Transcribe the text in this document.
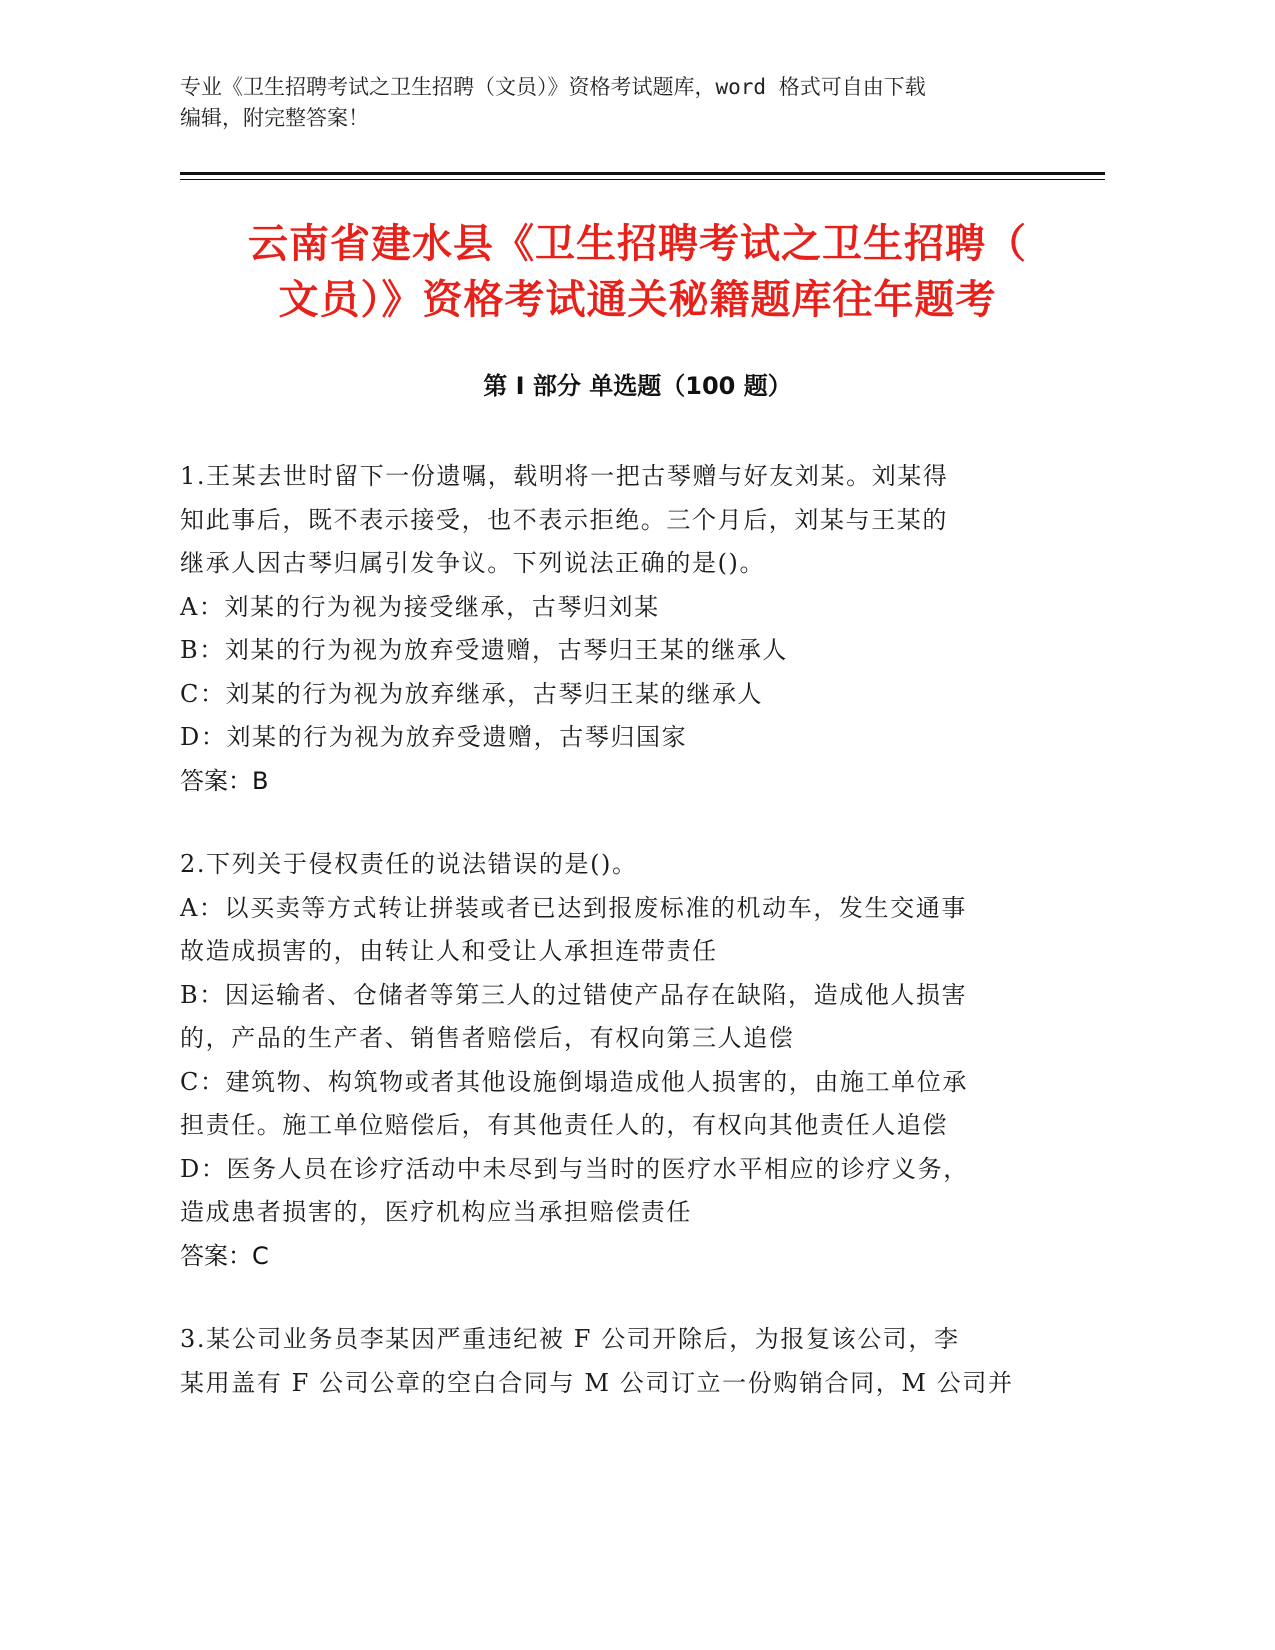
专业《卫生招聘考试之卫生招聘（文员）》资格考试题库，word 格式可自由下载
编辑，附完整答案！
云南省建水县《卫生招聘考试之卫生招聘（
文员）》资格考试通关秘籍题库往年题考
第 I 部分 单选题（100 题）
1.王某去世时留下一份遗嘱，载明将一把古琴赠与好友刘某。刘某得
知此事后，既不表示接受，也不表示拒绝。三个月后，刘某与王某的
继承人因古琴归属引发争议。下列说法正确的是()。
A：刘某的行为视为接受继承，古琴归刘某
B：刘某的行为视为放弃受遗赠，古琴归王某的继承人
C：刘某的行为视为放弃继承，古琴归王某的继承人
D：刘某的行为视为放弃受遗赠，古琴归国家
答案：B
2.下列关于侵权责任的说法错误的是()。
A：以买卖等方式转让拼装或者已达到报废标准的机动车，发生交通事
故造成损害的，由转让人和受让人承担连带责任
B：因运输者、仓储者等第三人的过错使产品存在缺陷，造成他人损害
的，产品的生产者、销售者赔偿后，有权向第三人追偿
C：建筑物、构筑物或者其他设施倒塌造成他人损害的，由施工单位承
担责任。施工单位赔偿后，有其他责任人的，有权向其他责任人追偿
D：医务人员在诊疗活动中未尽到与当时的医疗水平相应的诊疗义务，
造成患者损害的，医疗机构应当承担赔偿责任
答案：C
3.某公司业务员李某因严重违纪被 F 公司开除后，为报复该公司，李
某用盖有 F 公司公章的空白合同与 M 公司订立一份购销合同，M 公司并
